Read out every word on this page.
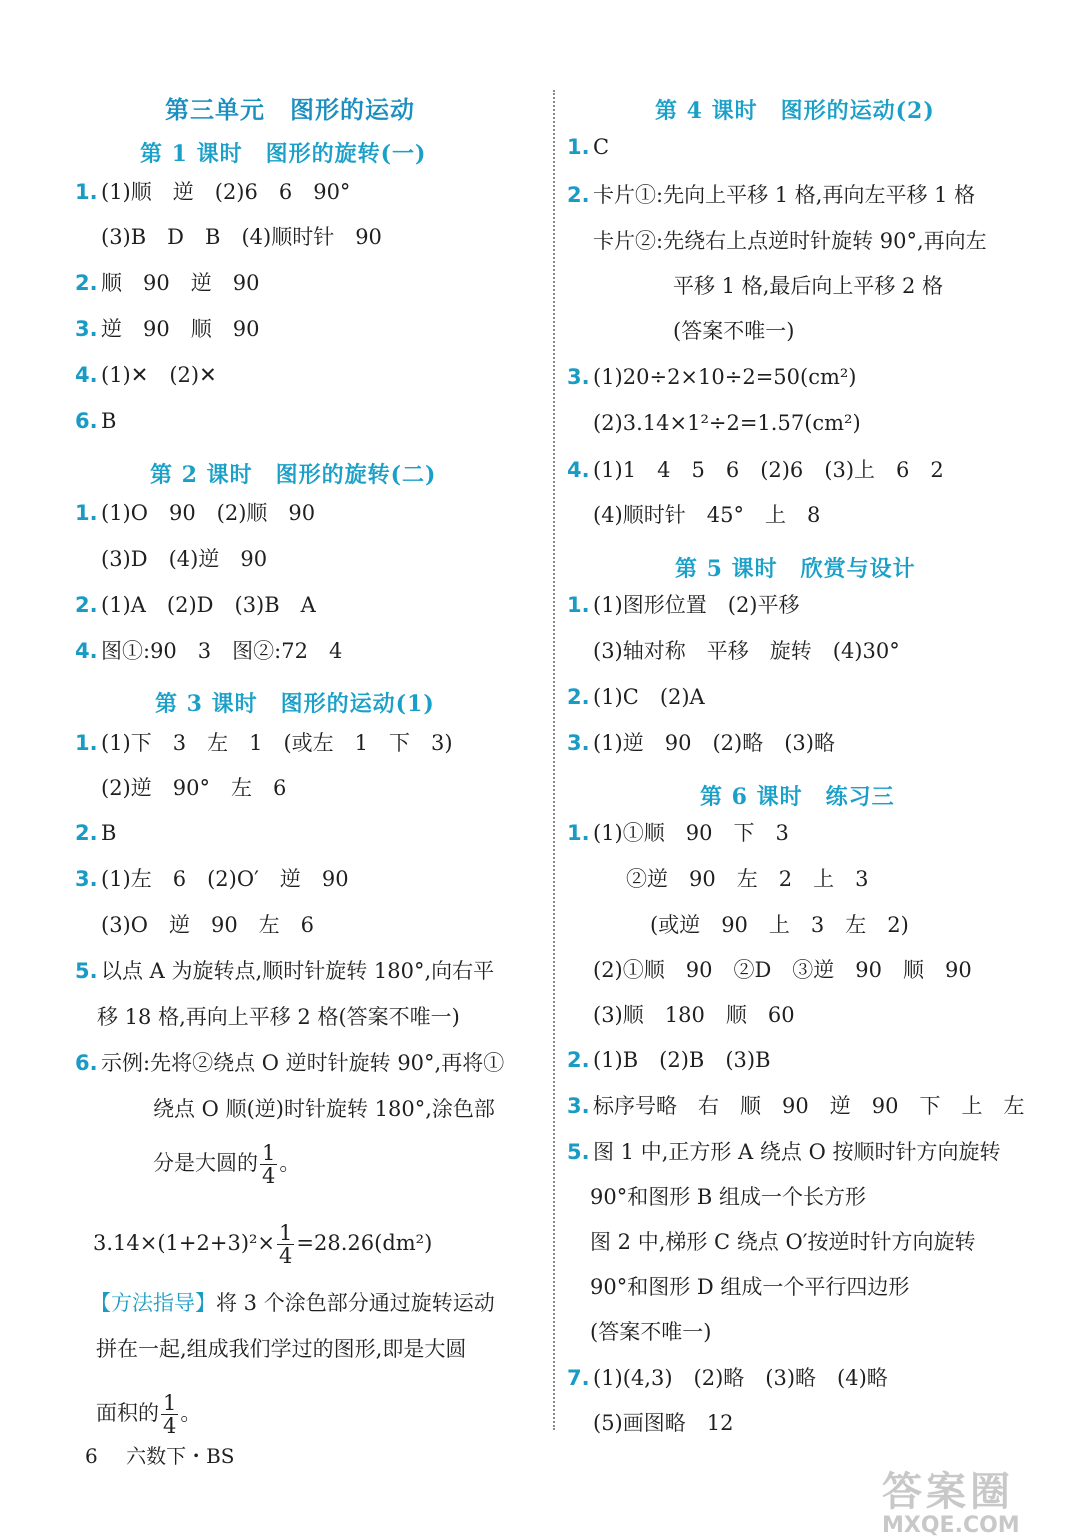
第三单元　图形的运动
第 1 课时　图形的旋转(一)
1. (1)顺　逆　(2)6　6　90°
(3)B　D　B　(4)顺时针　90
2. 顺　90　逆　90
3. 逆　90　顺　90
4. (1)✕　(2)✕
6. B
第 2 课时　图形的旋转(二)
1. (1)O　90　(2)顺　90
(3)D　(4)逆　90
2. (1)A　(2)D　(3)B　A
4. 图①:90　3　图②:72　4
第 3 课时　图形的运动(1)
1. (1)下　3　左　1　(或左　1　下　3)
(2)逆　90°　左　6
2. B
3. (1)左　6　(2)O′　逆　90
(3)O　逆　90　左　6
5. 以点 A 为旋转点,顺时针旋转 180°,向右平
移 18 格,再向上平移 2 格(答案不唯一)
6. 示例:先将②绕点 O 逆时针旋转 90°,再将①
绕点 O 顺(逆)时针旋转 180°,涂色部
分是大圆的 $\frac{1}{4}$ 。
$3.14\times(1+2+3)^2\times \frac{1}{4} =28.26(dm^2)$
【方法指导】将 3 个涂色部分通过旋转运动
拼在一起,组成我们学过的图形,即是大圆
面积的 $\frac{1}{4}$ 。
第 4 课时　图形的运动(2)
1. C
2. 卡片①:先向上平移 1 格,再向左平移 1 格
卡片②:先绕右上点逆时针旋转 90°,再向左
平移 1 格,最后向上平移 2 格
(答案不唯一)
3. (1)20÷2×10÷2=50(cm²)
(2)3.14×1²÷2=1.57(cm²)
4. (1)1　4　5　6　(2)6　(3)上　6　2
(4)顺时针　45°　上　8
第 5 课时　欣赏与设计
1. (1)图形位置　(2)平移
(3)轴对称　平移　旋转　(4)30°
2. (1)C　(2)A
3. (1)逆　90　(2)略　(3)略
第 6 课时　练习三
1. (1)①顺　90　下　3
②逆　90　左　2　上　3
(或逆　90　上　3　左　2)
(2)①顺　90　②D　③逆　90　顺　90
(3)顺　180　顺　60
2. (1)B　(2)B　(3)B
3. 标序号略　右　顺　90　逆　90　下　上　左
5. 图 1 中,正方形 A 绕点 O 按顺时针方向旋转
90°和图形 B 组成一个长方形
图 2 中,梯形 C 绕点 O′按逆时针方向旋转
90°和图形 D 组成一个平行四边形
(答案不唯一)
7. (1)(4,3)　(2)略　(3)略　(4)略
(5)画图略　12
6 六数下・BS
答案圈
MXQE.COM
